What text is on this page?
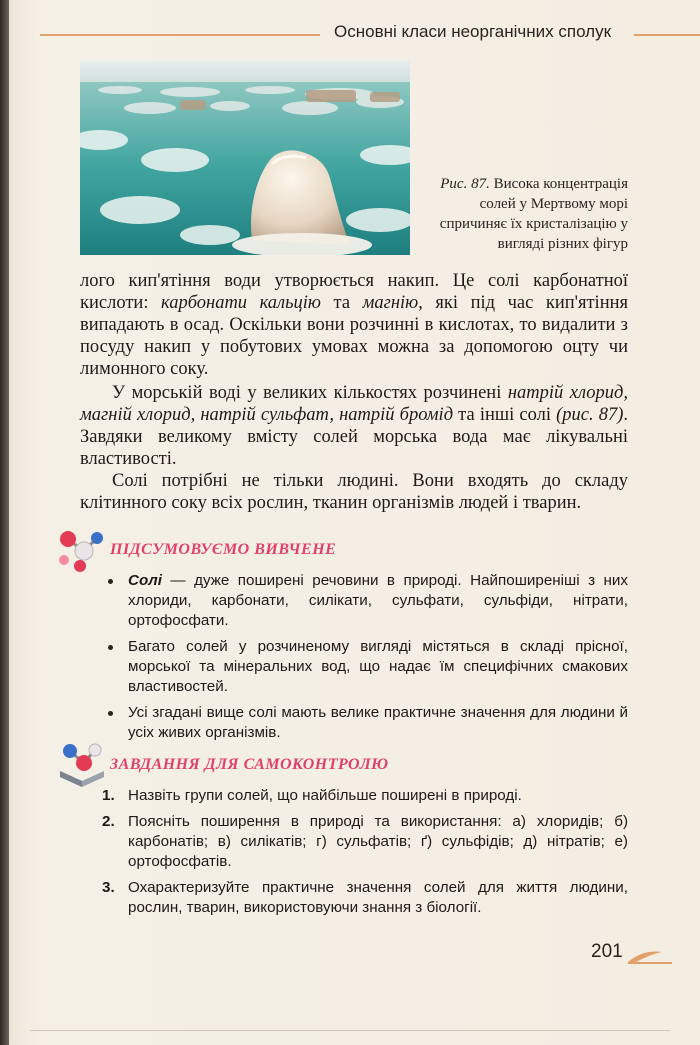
Основні класи неорганічних сполук
Рис. 87. Висока концентрація солей у Мертвому морі спричиняє їх кристалізацію у вигляді різних фігур

лого кип'ятіння води утворюється накип. Це солі карбонатної кислоти: карбонати кальцію та магнію, які під час кип'ятіння випадають в осад. Оскільки вони розчинні в кислотах, то видалити з посуду накип у побутових умовах можна за допомогою оцту чи лимонного соку.

У морській воді у великих кількостях розчинені натрій хлорид, магній хлорид, натрій сульфат, натрій бромід та інші солі (рис. 87). Завдяки великому вмісту солей морська вода має лікувальні властивості.

Солі потрібні не тільки людині. Вони входять до складу клітинного соку всіх рослин, тканин організмів людей і тварин.

ПІДСУМОВУЄМО ВИВЧЕНЕ
Солі — дуже поширені речовини в природі. Найпоширеніші з них хлориди, карбонати, силікати, сульфати, сульфіди, нітрати, ортофосфати.
Багато солей у розчиненому вигляді містяться в складі прісної, морської та мінеральних вод, що надає їм специфічних смакових властивостей.
Усі згадані вище солі мають велике практичне значення для людини й усіх живих організмів.
ЗАВДАННЯ ДЛЯ САМОКОНТРОЛЮ
1. Назвіть групи солей, що найбільше поширені в природі.
2. Поясніть поширення в природі та використання: а) хлоридів; б) карбонатів; в) силікатів; г) сульфатів; ґ) сульфідів; д) нітратів; е) ортофосфатів.
3. Охарактеризуйте практичне значення солей для життя людини, рослин, тварин, використовуючи знання з біології.
201
